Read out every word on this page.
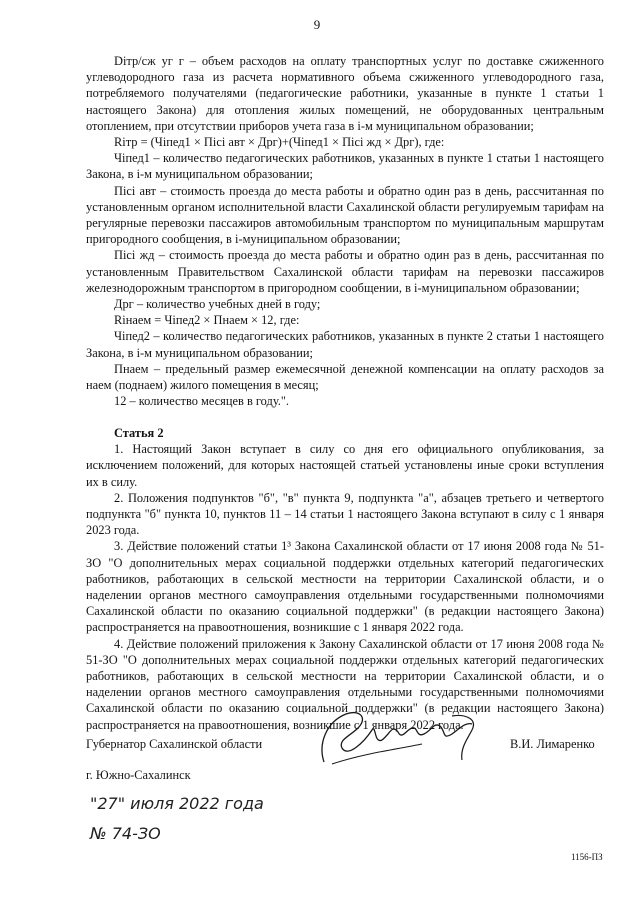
9

Dітр/сж уг г – объем расходов на оплату транспортных услуг по доставке сжиженного углеводородного газа из расчета нормативного объема сжиженного углеводородного газа, потребляемого получателями (педагогические работники, указанные в пункте 1 статьи 1 настоящего Закона) для отопления жилых помещений, не оборудованных центральным отоплением, при отсутствии приборов учета газа в і-м муниципальном образовании;

Rітр = (Чіпед1 × Пісі авт × Дрг)+(Чіпед1 × Пісі жд × Дрг), где:

Чіпед1 – количество педагогических работников, указанных в пункте 1 статьи 1 настоящего Закона, в і-м муниципальном образовании;

Пісі авт – стоимость проезда до места работы и обратно один раз в день, рассчитанная по установленным органом исполнительной власти Сахалинской области регулируемым тарифам на регулярные перевозки пассажиров автомобильным транспортом по муниципальным маршрутам пригородного сообщения, в і-муниципальном образовании;

Пісі жд – стоимость проезда до места работы и обратно один раз в день, рассчитанная по установленным Правительством Сахалинской области тарифам на перевозки пассажиров железнодорожным транспортом в пригородном сообщении, в і-муниципальном образовании;

Дрг – количество учебных дней в году;

Rінаем = Чіпед2 × Пнаем × 12, где:

Чіпед2 – количество педагогических работников, указанных в пункте 2 статьи 1 настоящего Закона, в і-м муниципальном образовании;

Пнаем – предельный размер ежемесячной денежной компенсации на оплату расходов за наем (поднаем) жилого помещения в месяц;

12 – количество месяцев в году.".

Статья 2

1. Настоящий Закон вступает в силу со дня его официального опубликования, за исключением положений, для которых настоящей статьей установлены иные сроки вступления их в силу.

2. Положения подпунктов "б", "в" пункта 9, подпункта "а", абзацев третьего и четвертого подпункта "б" пункта 10, пунктов 11 – 14 статьи 1 настоящего Закона вступают в силу с 1 января 2023 года.

3. Действие положений статьи 1³ Закона Сахалинской области от 17 июня 2008 года № 51-ЗО "О дополнительных мерах социальной поддержки отдельных категорий педагогических работников, работающих в сельской местности на территории Сахалинской области, и о наделении органов местного самоуправления отдельными государственными полномочиями Сахалинской области по оказанию социальной поддержки" (в редакции настоящего Закона) распространяется на правоотношения, возникшие с 1 января 2022 года.

4. Действие положений приложения к Закону Сахалинской области от 17 июня 2008 года № 51-ЗО "О дополнительных мерах социальной поддержки отдельных категорий педагогических работников, работающих в сельской местности на территории Сахалинской области, и о наделении органов местного самоуправления отдельными государственными полномочиями Сахалинской области по оказанию социальной поддержки" (в редакции настоящего Закона) распространяется на правоотношения, возникшие с 1 января 2022 года.

Губернатор Сахалинской области	В.И. Лимаренко
г. Южно-Сахалинск
"27" июля 2022 года
№ 74-ЗО
1156-ПЗ
